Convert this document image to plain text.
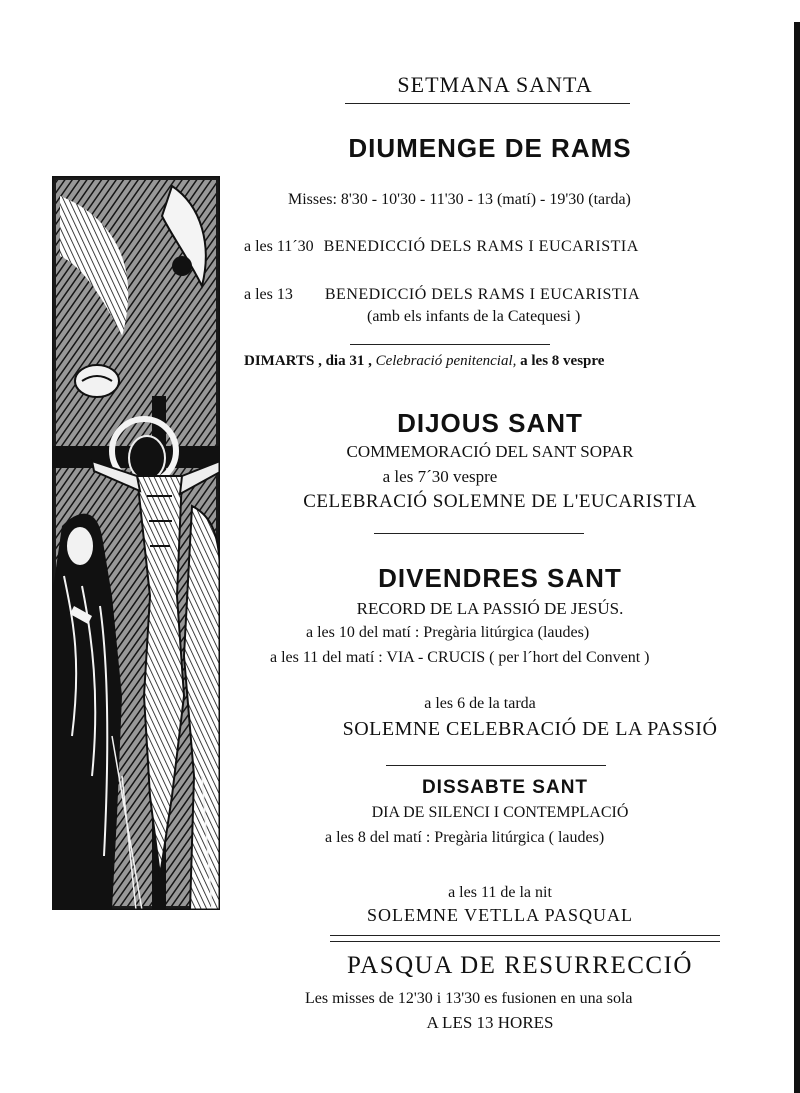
SETMANA SANTA
DIUMENGE DE RAMS
Misses: 8'30 - 10'30 - 11'30 - 13 (matí) - 19'30 (tarda)
a les 11´30 BENEDICCIÓ DELS RAMS I EUCARISTIA
a les 13 BENEDICCIÓ DELS RAMS I EUCARISTIA
(amb els infants de la Catequesi )
DIMARTS , dia 31 , Celebració penitencial, a les 8 vespre
DIJOUS SANT
COMMEMORACIÓ DEL SANT SOPAR
a les 7´30 vespre
CELEBRACIÓ SOLEMNE DE L'EUCARISTIA
DIVENDRES SANT
RECORD DE LA PASSIÓ DE JESÚS.
a les 10 del matí : Pregària litúrgica (laudes)
a les 11 del matí : VIA - CRUCIS ( per l´hort del Convent )
a les 6 de la tarda
SOLEMNE CELEBRACIÓ DE LA PASSIÓ
DISSABTE SANT
DIA DE SILENCI I CONTEMPLACIÓ
a les 8 del matí : Pregària litúrgica ( laudes)
a les 11 de la nit
SOLEMNE VETLLA PASQUAL
PASQUA DE RESURRECCIÓ
Les misses de 12'30 i 13'30 es fusionen en una sola
A LES 13 HORES
